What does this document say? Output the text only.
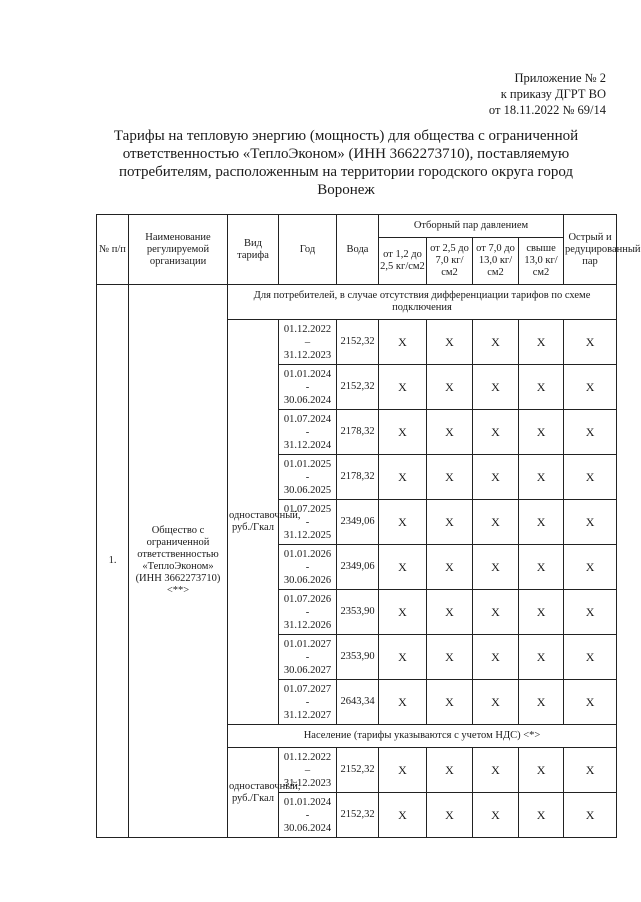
Приложение № 2
к приказу ДГРТ ВО
от 18.11.2022 № 69/14
Тарифы на тепловую энергию (мощность) для общества с ограниченной ответственностью «ТеплоЭконом» (ИНН 3662273710), поставляемую потребителям, расположенным на территории городского округа город Воронеж
№ п/п	Наименование регулируемой организации	Вид тарифа	Год	Вода	Отборный пар давлением				Острый и редуцированный пар
					от 1,2 до 2,5 кг/см2	от 2,5 до 7,0 кг/см2	от 7,0 до 13,0 кг/см2	свыше 13,0 кг/см2	
1.	Общество с ограниченной ответственностью «ТеплоЭконом» (ИНН 3662273710) <**>	Для потребителей, в случае отсутствия дифференциации тарифов по схеме подключения							
		одноставочный, руб./Гкал	01.12.2022
–
31.12.2023	2152,32	Х	Х	Х	Х	Х

			01.01.2024
-
30.06.2024	2152,32	Х	Х	Х	Х	Х

			01.07.2024
-
31.12.2024	2178,32	Х	Х	Х	Х	Х

			01.01.2025
-
30.06.2025	2178,32	Х	Х	Х	Х	Х

			01.07.2025
-
31.12.2025	2349,06	Х	Х	Х	Х	Х

			01.01.2026
-
30.06.2026	2349,06	Х	Х	Х	Х	Х

			01.07.2026
-
31.12.2026	2353,90	Х	Х	Х	Х	Х

			01.01.2027
-
30.06.2027	2353,90	Х	Х	Х	Х	Х

			01.07.2027
-
31.12.2027	2643,34	Х	Х	Х	Х	Х
		Население (тарифы указываются с учетом НДС) <*>							
		одноставочный, руб./Гкал	01.12.2022
–
31.12.2023	2152,32	Х	Х	Х	Х	Х

			01.01.2024
-
30.06.2024	2152,32	Х	Х	Х	Х	Х
